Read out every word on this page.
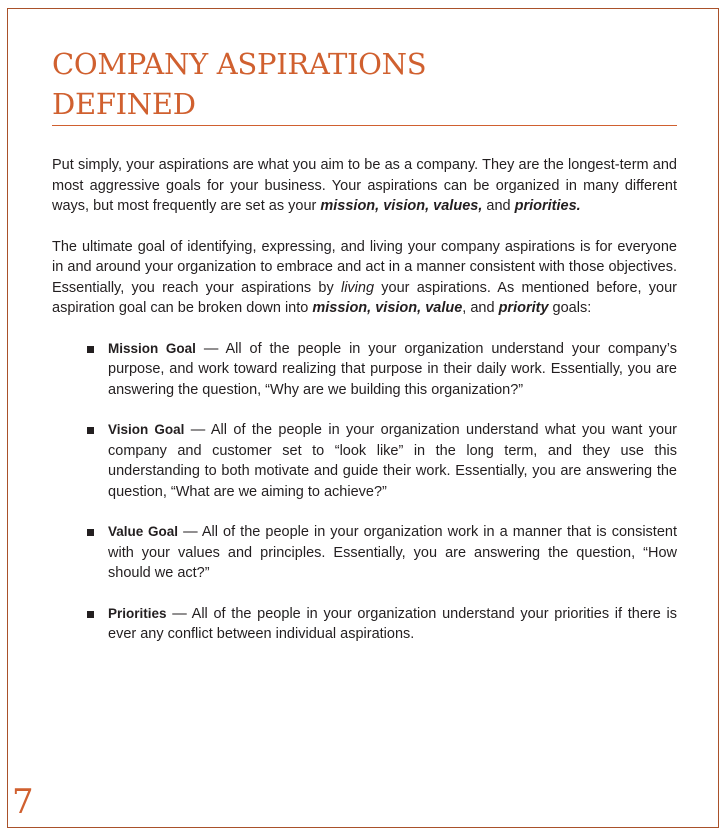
COMPANY ASPIRATIONS
DEFINED

Put simply, your aspirations are what you aim to be as a company. They are the longest-term and most aggressive goals for your business. Your aspirations can be organized in many different ways, but most frequently are set as your mission, vision, values, and priorities.

The ultimate goal of identifying, expressing, and living your company aspirations is for everyone in and around your organization to embrace and act in a manner consistent with those objectives. Essentially, you reach your aspirations by living your aspirations. As mentioned before, your aspiration goal can be broken down into mission, vision, value, and priority goals:

Mission Goal — All of the people in your organization understand your company’s purpose, and work toward realizing that purpose in their daily work. Essentially, you are answering the question, “Why are we building this organization?”
Vision Goal — All of the people in your organization understand what you want your company and customer set to “look like” in the long term, and they use this understanding to both motivate and guide their work. Essentially, you are answering the question, “What are we aiming to achieve?”
Value Goal — All of the people in your organization work in a manner that is consistent with your values and principles. Essentially, you are answering the question, “How should we act?”
Priorities — All of the people in your organization understand your priorities if there is ever any conflict between individual aspirations.
7
